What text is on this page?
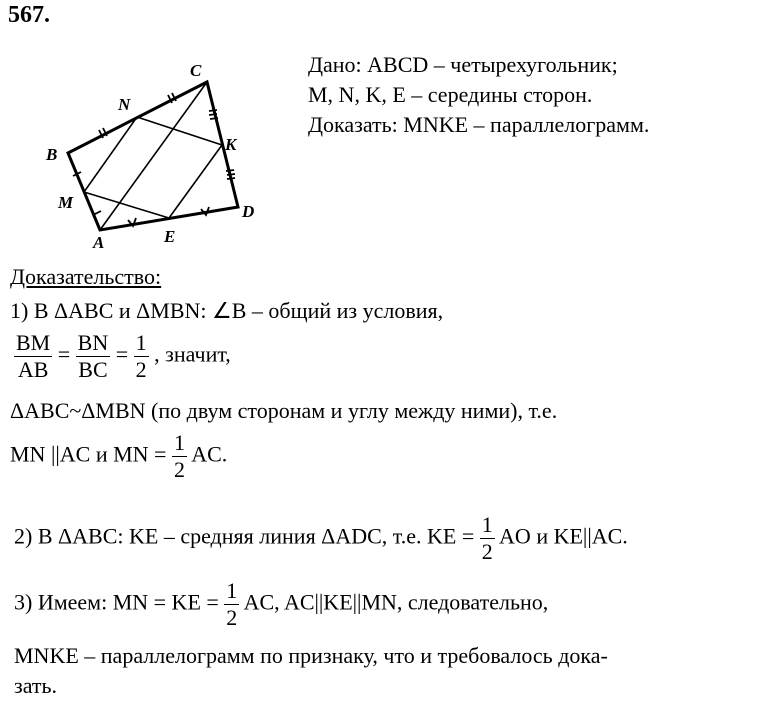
567.
A
B
C
D
M
N
K
E
Дано: ABCD – четырехугольник;
M, N, K, E – середины сторон.
Доказать: MNKE – параллелограмм.
Доказательство:
1) В ΔABC и ΔMBN: ∠B – общий из условия,
$\frac{BM}{AB} = \frac{BN}{BC} = \frac{1}{2}$ , значит,
ΔABC~ΔMBN (по двум сторонам и углу между ними), т.е.
MN ||AC и MN = $\frac{1}{2}$ AC.
2) В ΔABC: KE – средняя линия ΔADC, т.е. KE = $\frac{1}{2}$ AO и KE||AC.
3) Имеем: MN = KE = $\frac{1}{2}$ AC, AC||KE||MN, следовательно,
MNKE – параллелограмм по признаку, что и требовалось дока-
зать.
